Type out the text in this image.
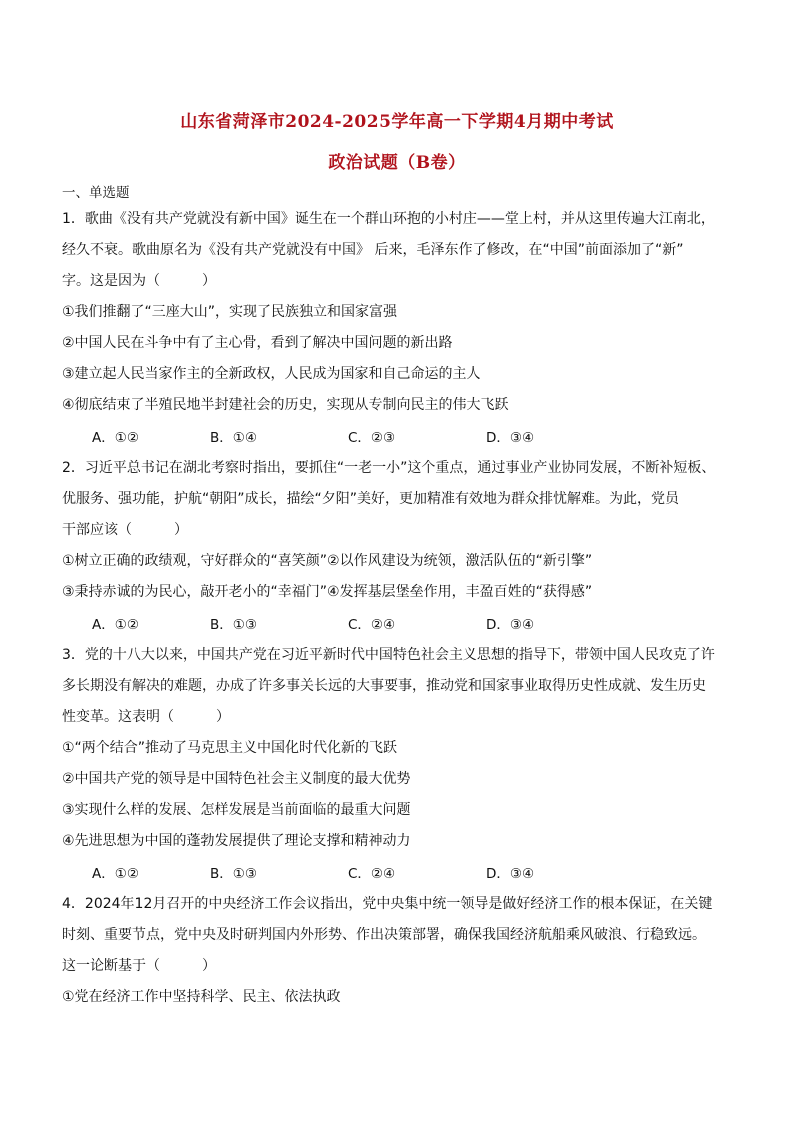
山东省菏泽市2024-2025学年高一下学期4月期中考试
政治试题（B卷）
一、单选题
1．歌曲《没有共产党就没有新中国》诞生在一个群山环抱的小村庄——堂上村，并从这里传遍大江南北，
经久不衰。歌曲原名为《没有共产党就没有中国》 后来，毛泽东作了修改，在“中国”前面添加了“新”
字。这是因为（　　　）
①我们推翻了“三座大山”，实现了民族独立和国家富强
②中国人民在斗争中有了主心骨，看到了解决中国问题的新出路
③建立起人民当家作主的全新政权，人民成为国家和自己命运的主人
④彻底结束了半殖民地半封建社会的历史，实现从专制向民主的伟大飞跃
A．①②	B．①④	C．②③	D．③④
2．习近平总书记在湖北考察时指出，要抓住“一老一小”这个重点，通过事业产业协同发展，不断补短板、
优服务、强功能，护航“朝阳”成长，描绘“夕阳”美好，更加精准有效地为群众排忧解难。为此，党员
干部应该（　　　）
①树立正确的政绩观，守好群众的“喜笑颜”②以作风建设为统领，激活队伍的“新引擎”
③秉持赤诚的为民心，敲开老小的“幸福门”④发挥基层堡垒作用，丰盈百姓的“获得感”
A．①②	B．①③	C．②④	D．③④
3．党的十八大以来，中国共产党在习近平新时代中国特色社会主义思想的指导下，带领中国人民攻克了许
多长期没有解决的难题，办成了许多事关长远的大事要事，推动党和国家事业取得历史性成就、发生历史
性变革。这表明（　　　）
①“两个结合”推动了马克思主义中国化时代化新的飞跃
②中国共产党的领导是中国特色社会主义制度的最大优势
③实现什么样的发展、怎样发展是当前面临的最重大问题
④先进思想为中国的蓬勃发展提供了理论支撑和精神动力
A．①②	B．①③	C．②④	D．③④
4．2024年12月召开的中央经济工作会议指出，党中央集中统一领导是做好经济工作的根本保证，在关键
时刻、重要节点，党中央及时研判国内外形势、作出决策部署，确保我国经济航船乘风破浪、行稳致远。
这一论断基于（　　　）
①党在经济工作中坚持科学、民主、依法执政
